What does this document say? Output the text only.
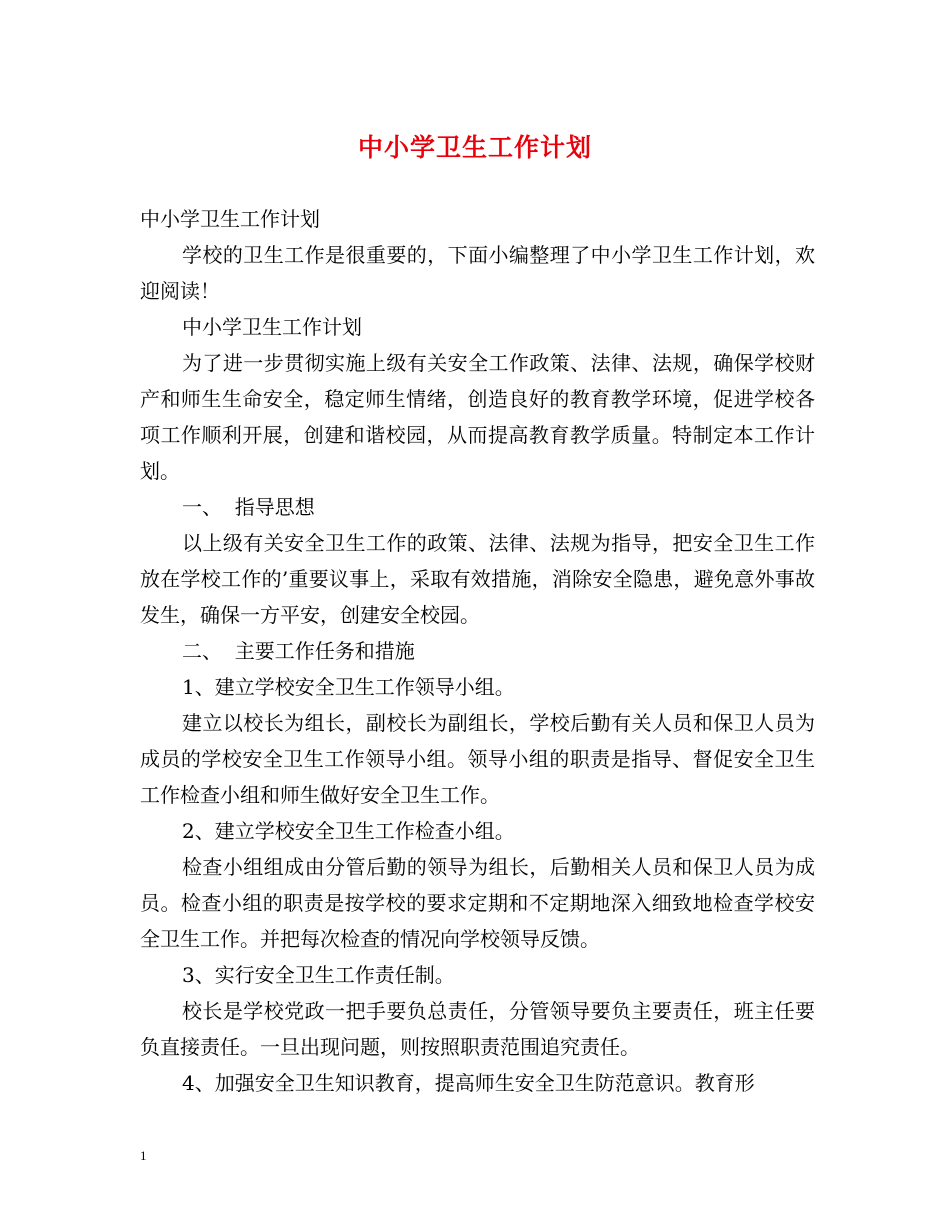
中小学卫生工作计划

中小学卫生工作计划

学校的卫生工作是很重要的，下面小编整理了中小学卫生工作计划，欢迎阅读！

中小学卫生工作计划

为了进一步贯彻实施上级有关安全工作政策、法律、法规，确保学校财产和师生生命安全，稳定师生情绪，创造良好的教育教学环境，促进学校各项工作顺利开展，创建和谐校园，从而提高教育教学质量。特制定本工作计划。

一、  指导思想

以上级有关安全卫生工作的政策、法律、法规为指导，把安全卫生工作放在学校工作的’重要议事上，采取有效措施，消除安全隐患，避免意外事故发生，确保一方平安，创建安全校园。

二、  主要工作任务和措施

1、建立学校安全卫生工作领导小组。

建立以校长为组长，副校长为副组长，学校后勤有关人员和保卫人员为成员的学校安全卫生工作领导小组。领导小组的职责是指导、督促安全卫生工作检查小组和师生做好安全卫生工作。

2、建立学校安全卫生工作检查小组。

检查小组组成由分管后勤的领导为组长，后勤相关人员和保卫人员为成员。检查小组的职责是按学校的要求定期和不定期地深入细致地检查学校安全卫生工作。并把每次检查的情况向学校领导反馈。

3、实行安全卫生工作责任制。

校长是学校党政一把手要负总责任，分管领导要负主要责任，班主任要负直接责任。一旦出现问题，则按照职责范围追究责任。

4、加强安全卫生知识教育，提高师生安全卫生防范意识。教育形

1
